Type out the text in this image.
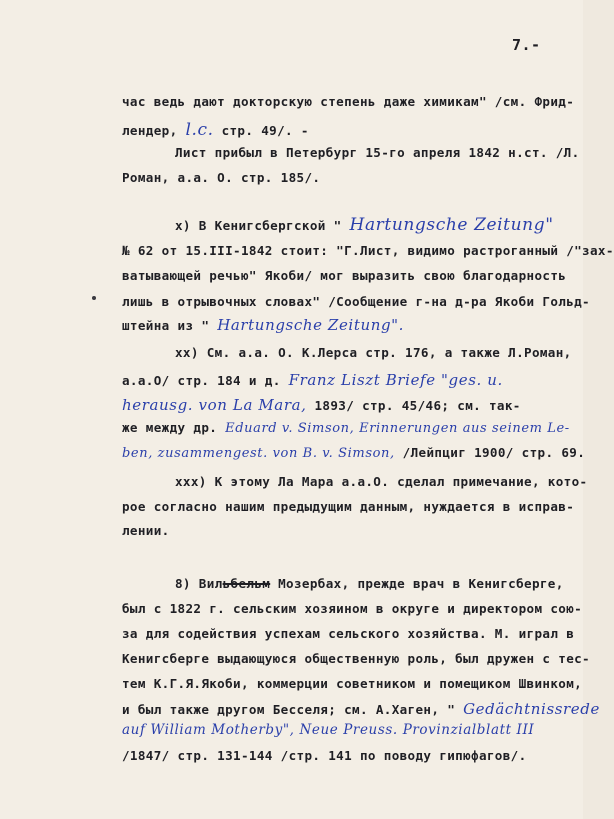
7.-
час ведь дают докторскую степень даже химикам" /см. Фрид-
лендер, l.c. стр. 49/. -
Лист прибыл в Петербург 15-го апреля 1842 н.ст. /Л.
Роман, a.a. O. стр. 185/.
x) В Кенигсбергской " Hartungsche Zeitung"
№ 62 от 15.III-1842 стоит: "Г.Лист, видимо растроганный /"зах-
ватывающей речью" Якоби/ мог выразить свою благодарность
лишь в отрывочных словах" /Сообщение г-на д-ра Якоби Гольд-
штейна из " Hartungsche Zeitung".
xx) См. a.a. O. К.Лерса стр. 176, а также Л.Роман,
a.a.O/ стр. 184 и д. Franz Liszt Briefe "ges. u.
herausg. von La Mara, 1893/ стр. 45/46; см. так-
же между др. Eduard v. Simson, Erinnerungen aus seinem Le-
ben, zusammengest. von B. v. Simson, /Лейпциг 1900/ стр. 69.
xxx) К этому Ла Мара a.a.O. сделал примечание, кото-
рое согласно нашим предыдущим данным, нуждается в исправ-
лении.
8) Вильбельм Мозербах, прежде врач в Кенигсберге,
был с 1822 г. сельским хозяином в округе и директором сою-
за для содействия успехам сельского хозяйства. М. играл в
Кенигсберге выдающуюся общественную роль, был дружен с тес-
тем К.Г.Я.Якоби, коммерции советником и помещиком Швинком,
и был также другом Бесселя; см. А.Хаген, " Gedächtnissrede
auf William Motherby", Neue Preuss. Provinzialblatt III
/1847/ стр. 131-144 /стр. 141 по поводу гипюфагов/.
